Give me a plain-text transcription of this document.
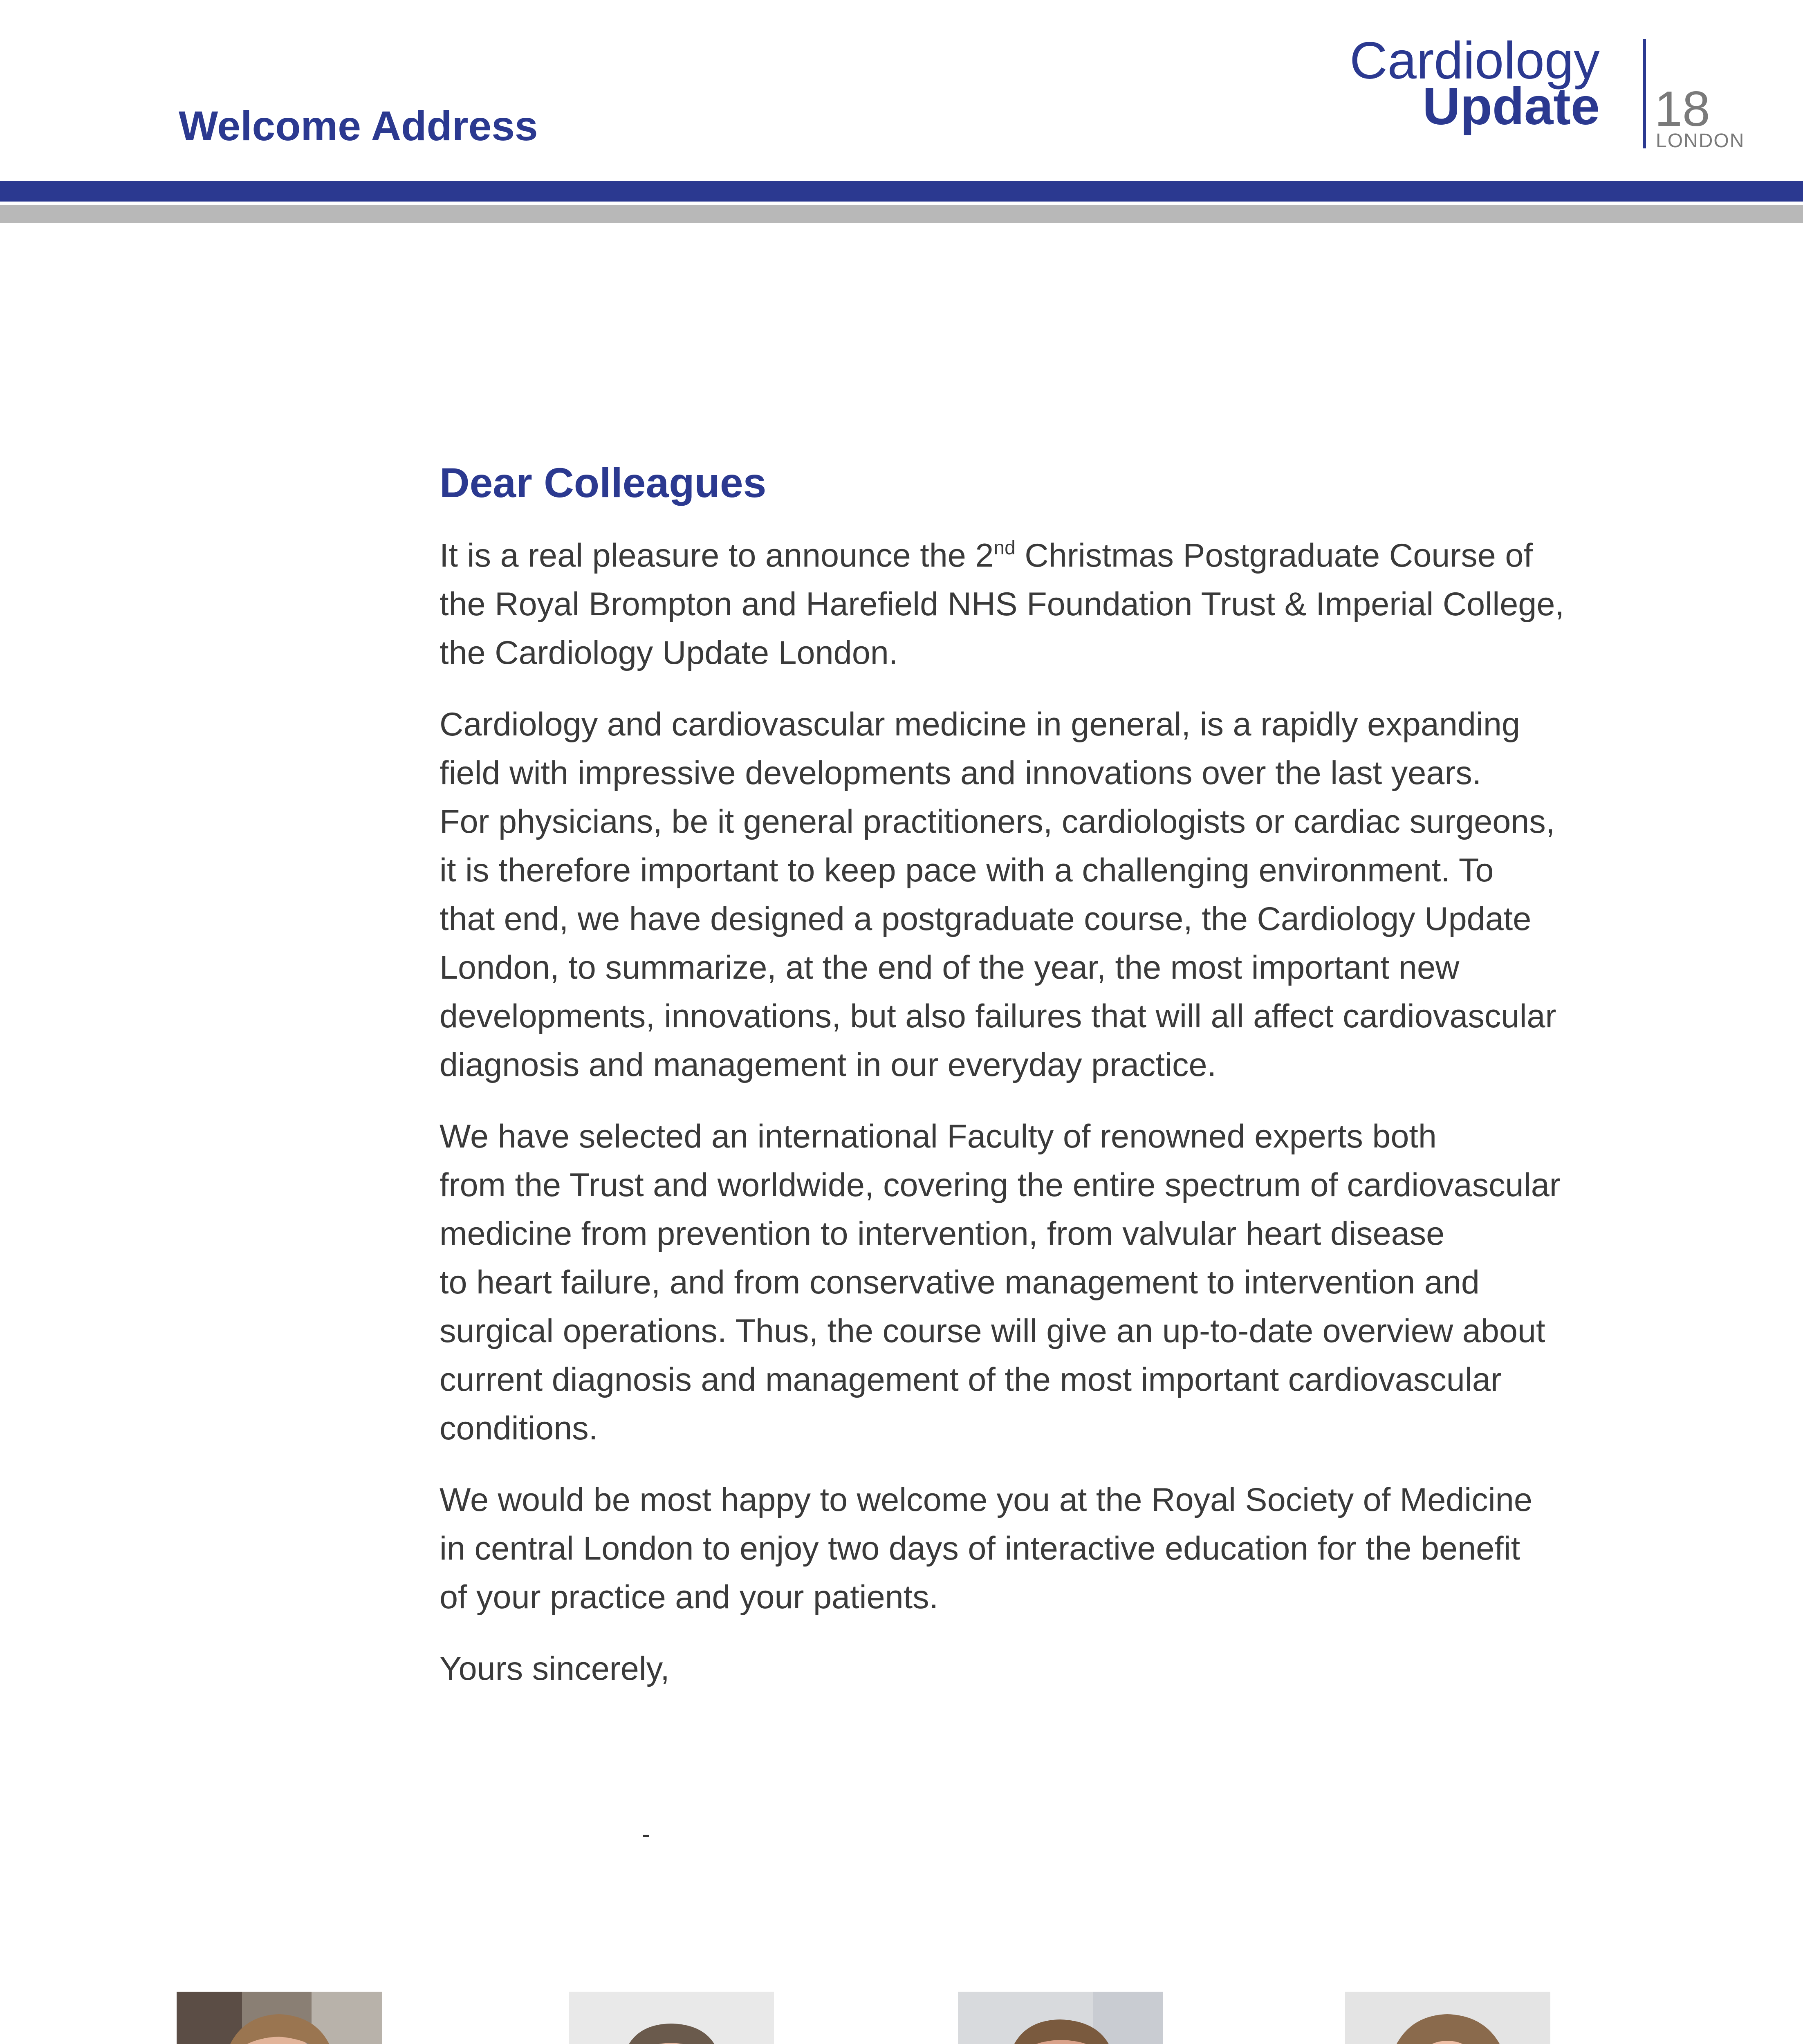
Welcome Address
Cardiology
Update 18
LONDON
Dear Colleagues
It is a real pleasure to announce the 2nd Christmas Postgraduate Course of
the Royal Brompton and Harefield NHS Foundation Trust & Imperial College,
the Cardiology Update London.
Cardiology and cardiovascular medicine in general, is a rapidly expanding
field with impressive developments and innovations over the last years.
For physicians, be it general practitioners, cardiologists or cardiac surgeons,
it is therefore important to keep pace with a challenging environment. To
that end, we have designed a postgraduate course, the Cardiology Update
London, to summarize, at the end of the year, the most important new
developments, innovations, but also failures that will all affect cardiovascular
diagnosis and management in our everyday practice.
We have selected an international Faculty of renowned experts both
from the Trust and worldwide, covering the entire spectrum of cardiovascular
medicine from prevention to intervention, from valvular heart disease
to heart failure, and from conservative management to intervention and
surgical operations. Thus, the course will give an up-to-date overview about
current diagnosis and management of the most important cardiovascular
conditions.
We would be most happy to welcome you at the Royal Society of Medicine
in central London to enjoy two days of interactive education for the benefit
of your practice and your patients.
Yours sincerely,
